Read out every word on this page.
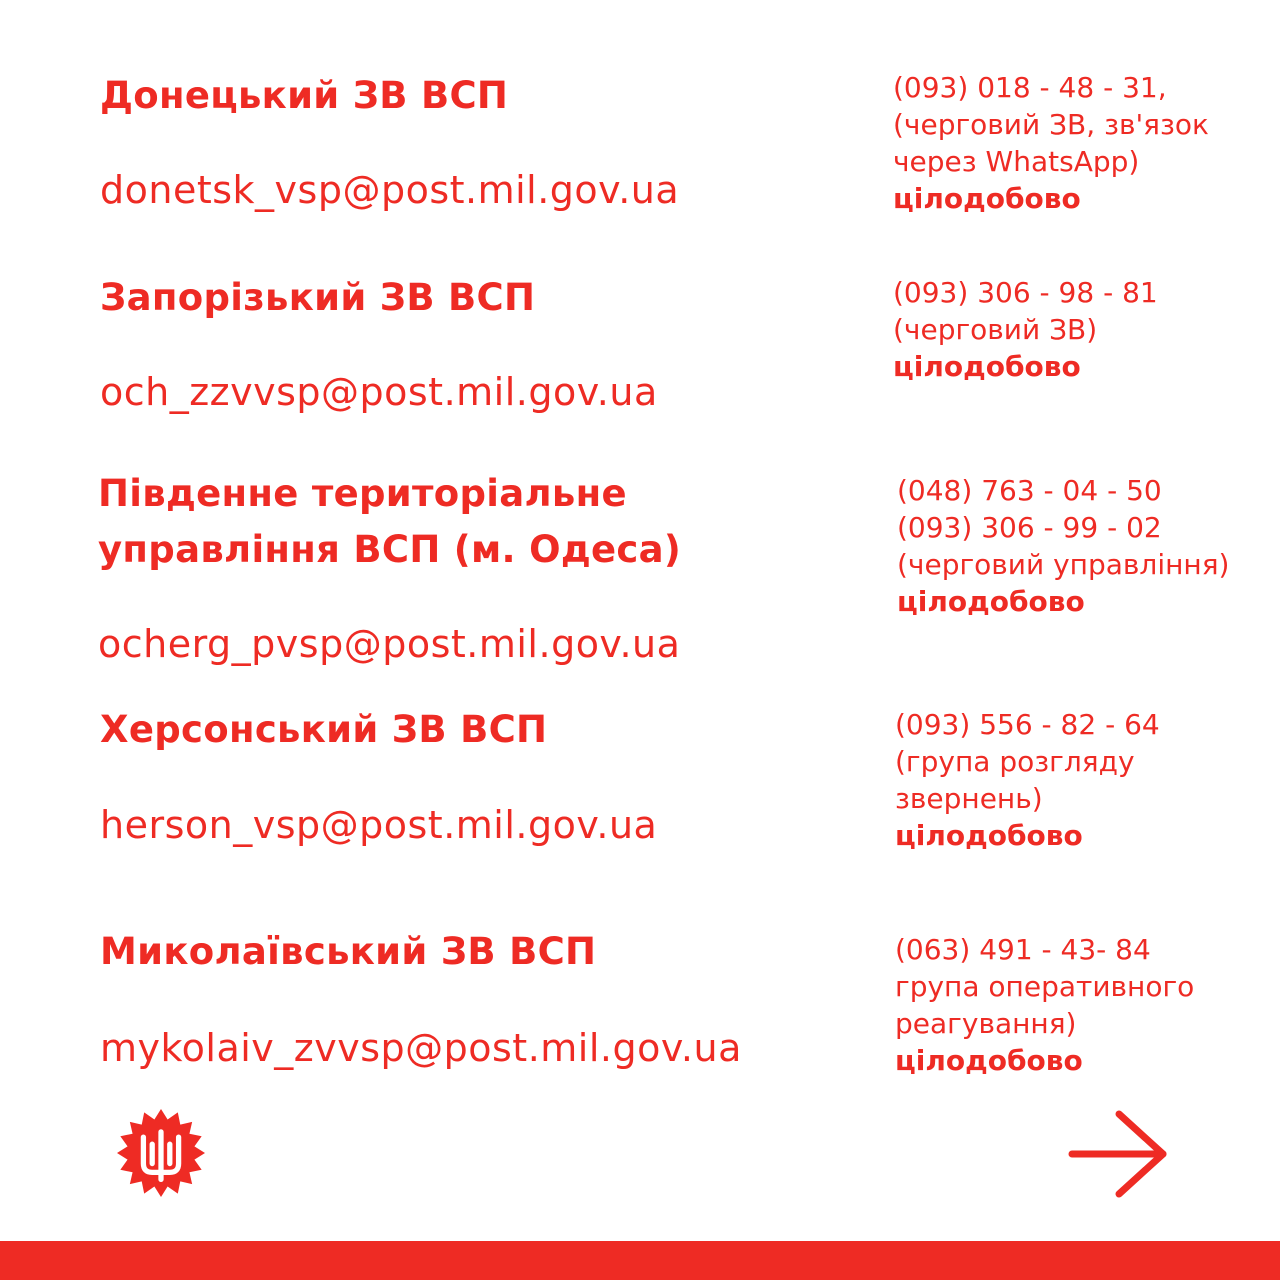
Донецький ЗВ ВСП
donetsk_vsp@post.mil.gov.ua
(093) 018 - 48 - 31,
(черговий ЗВ, зв'язок
через WhatsApp)
цілодобово
Запорізький ЗВ ВСП
och_zzvvsp@post.mil.gov.ua
(093) 306 - 98 - 81
(черговий ЗВ)
цілодобово
Південне територіальне
управління ВСП (м. Одеса)
ocherg_pvsp@post.mil.gov.ua
(048) 763 - 04 - 50
(093) 306 - 99 - 02
(черговий управління)
цілодобово
Херсонський ЗВ ВСП
herson_vsp@post.mil.gov.ua
(093) 556 - 82 - 64
(група розгляду
звернень)
цілодобово
Миколаївський ЗВ ВСП
mykolaiv_zvvsp@post.mil.gov.ua
(063) 491 - 43- 84
група оперативного
реагування)
цілодобово
